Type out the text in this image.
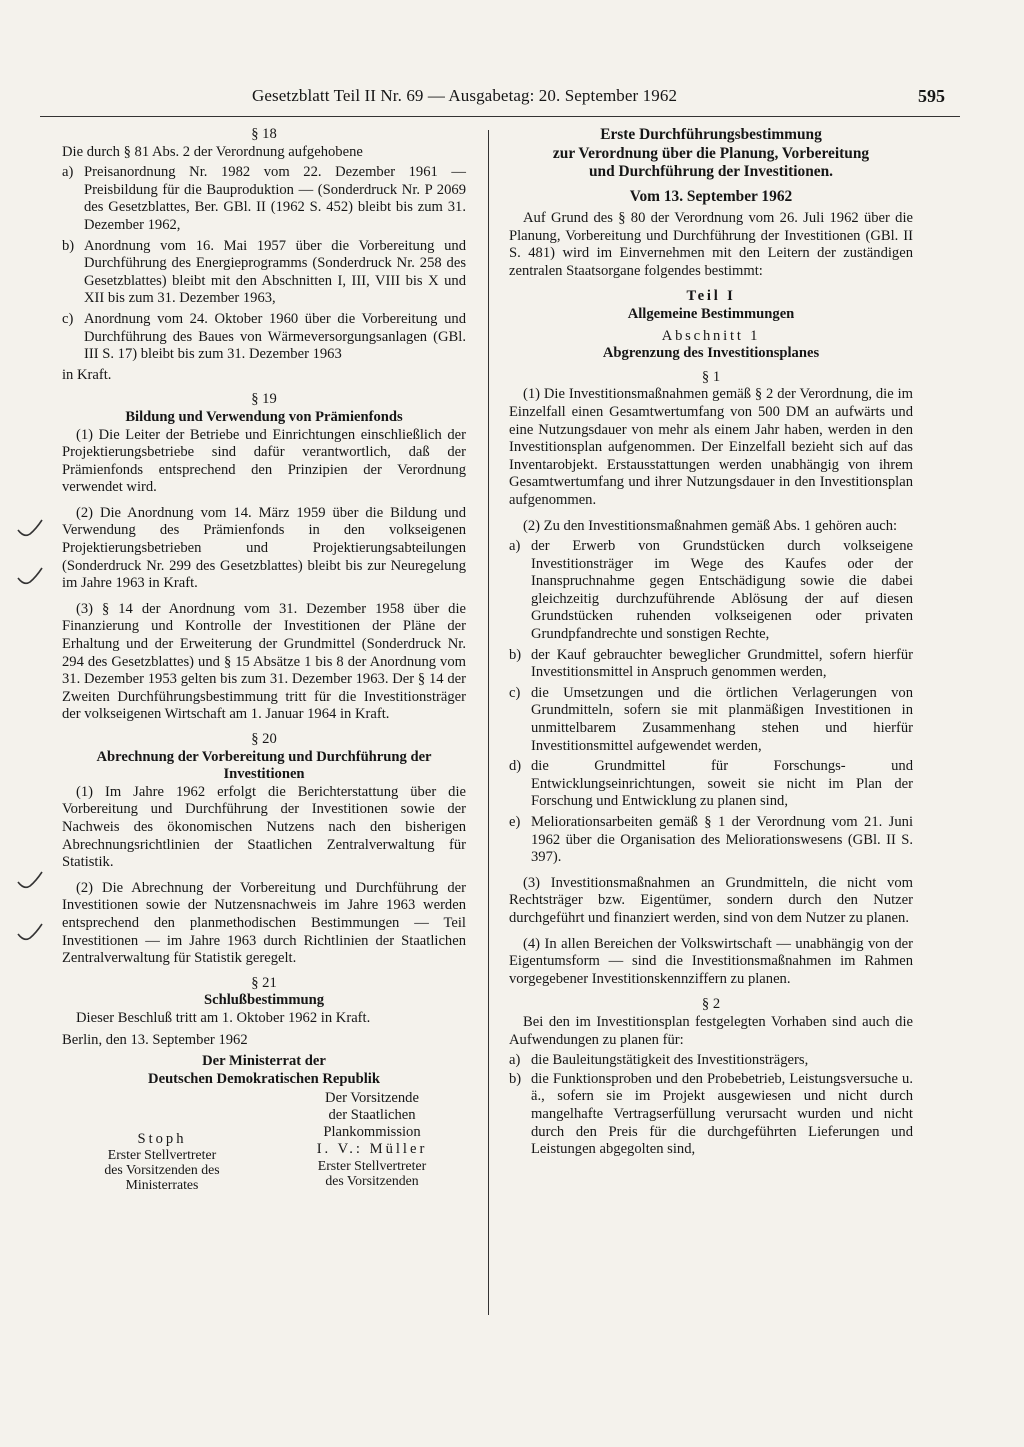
Gesetzblatt Teil II Nr. 69 — Ausgabetag: 20. September 1962	595

§ 18

Die durch § 81 Abs. 2 der Verordnung aufgehobene

a) Preisanordnung Nr. 1982 vom 22. Dezember 1961 — Preisbildung für die Bauproduktion — (Sonderdruck Nr. P 2069 des Gesetzblattes, Ber. GBl. II (1962 S. 452) bleibt bis zum 31. Dezember 1962,
b) Anordnung vom 16. Mai 1957 über die Vorbereitung und Durchführung des Energieprogramms (Sonderdruck Nr. 258 des Gesetzblattes) bleibt mit den Abschnitten I, III, VIII bis X und XII bis zum 31. Dezember 1963,
c) Anordnung vom 24. Oktober 1960 über die Vorbereitung und Durchführung des Baues von Wärmeversorgungsanlagen (GBl. III S. 17) bleibt bis zum 31. Dezember 1963

in Kraft.

§ 19

Bildung und Verwendung von Prämienfonds

(1) Die Leiter der Betriebe und Einrichtungen einschließlich der Projektierungsbetriebe sind dafür verantwortlich, daß der Prämienfonds entsprechend den Prinzipien der Verordnung verwendet wird.

(2) Die Anordnung vom 14. März 1959 über die Bildung und Verwendung des Prämienfonds in den volkseigenen Projektierungsbetrieben und Projektierungsabteilungen (Sonderdruck Nr. 299 des Gesetzblattes) bleibt bis zur Neuregelung im Jahre 1963 in Kraft.

(3) § 14 der Anordnung vom 31. Dezember 1958 über die Finanzierung und Kontrolle der Investitionen der Pläne der Erhaltung und der Erweiterung der Grundmittel (Sonderdruck Nr. 294 des Gesetzblattes) und § 15 Absätze 1 bis 8 der Anordnung vom 31. Dezember 1953 gelten bis zum 31. Dezember 1963. Der § 14 der Zweiten Durchführungsbestimmung tritt für die Investitionsträger der volkseigenen Wirtschaft am 1. Januar 1964 in Kraft.

§ 20

Abrechnung der Vorbereitung und Durchführung der Investitionen

(1) Im Jahre 1962 erfolgt die Berichterstattung über die Vorbereitung und Durchführung der Investitionen sowie der Nachweis des ökonomischen Nutzens nach den bisherigen Abrechnungsrichtlinien der Staatlichen Zentralverwaltung für Statistik.

(2) Die Abrechnung der Vorbereitung und Durchführung der Investitionen sowie der Nutzensnachweis im Jahre 1963 werden entsprechend den planmethodischen Bestimmungen — Teil Investitionen — im Jahre 1963 durch Richtlinien der Staatlichen Zentralverwaltung für Statistik geregelt.

§ 21

Schlußbestimmung

Dieser Beschluß tritt am 1. Oktober 1962 in Kraft.

Berlin, den 13. September 1962

Der Ministerrat der

Deutschen Demokratischen Republik

Stoph

Erster Stellvertreter

des Vorsitzenden des

Ministerrates

Der Vorsitzende

der Staatlichen

Plankommission

I. V.: Müller

Erster Stellvertreter

des Vorsitzenden

Erste Durchführungsbestimmung

zur Verordnung über die Planung, Vorbereitung

und Durchführung der Investitionen.

Vom 13. September 1962

Auf Grund des § 80 der Verordnung vom 26. Juli 1962 über die Planung, Vorbereitung und Durchführung der Investitionen (GBl. II S. 481) wird im Einvernehmen mit den Leitern der zuständigen zentralen Staatsorgane folgendes bestimmt:

Teil I

Allgemeine Bestimmungen

Abschnitt 1

Abgrenzung des Investitionsplanes

§ 1

(1) Die Investitionsmaßnahmen gemäß § 2 der Verordnung, die im Einzelfall einen Gesamtwertumfang von 500 DM an aufwärts und eine Nutzungsdauer von mehr als einem Jahr haben, werden in den Investitionsplan aufgenommen. Der Einzelfall bezieht sich auf das Inventarobjekt. Erstausstattungen werden unabhängig von ihrem Gesamtwertumfang und ihrer Nutzungsdauer in den Investitionsplan aufgenommen.

(2) Zu den Investitionsmaßnahmen gemäß Abs. 1 gehören auch:

a) der Erwerb von Grundstücken durch volkseigene Investitionsträger im Wege des Kaufes oder der Inanspruchnahme gegen Entschädigung sowie die dabei gleichzeitig durchzuführende Ablösung der auf diesen Grundstücken ruhenden volkseigenen oder privaten Grundpfandrechte und sonstigen Rechte,
b) der Kauf gebrauchter beweglicher Grundmittel, sofern hierfür Investitionsmittel in Anspruch genommen werden,
c) die Umsetzungen und die örtlichen Verlagerungen von Grundmitteln, sofern sie mit planmäßigen Investitionen in unmittelbarem Zusammenhang stehen und hierfür Investitionsmittel aufgewendet werden,
d) die Grundmittel für Forschungs- und Entwicklungseinrichtungen, soweit sie nicht im Plan der Forschung und Entwicklung zu planen sind,
e) Meliorationsarbeiten gemäß § 1 der Verordnung vom 21. Juni 1962 über die Organisation des Meliorationswesens (GBl. II S. 397).

(3) Investitionsmaßnahmen an Grundmitteln, die nicht vom Rechtsträger bzw. Eigentümer, sondern durch den Nutzer durchgeführt und finanziert werden, sind von dem Nutzer zu planen.

(4) In allen Bereichen der Volkswirtschaft — unabhängig von der Eigentumsform — sind die Investitionsmaßnahmen im Rahmen vorgegebener Investitionskennziffern zu planen.

§ 2

Bei den im Investitionsplan festgelegten Vorhaben sind auch die Aufwendungen zu planen für:

a) die Bauleitungstätigkeit des Investitionsträgers,
b) die Funktionsproben und den Probebetrieb, Leistungsversuche u. ä., sofern sie im Projekt ausgewiesen und nicht durch mangelhafte Vertragserfüllung verursacht wurden und nicht durch den Preis für die durchgeführten Lieferungen und Leistungen abgegolten sind,
